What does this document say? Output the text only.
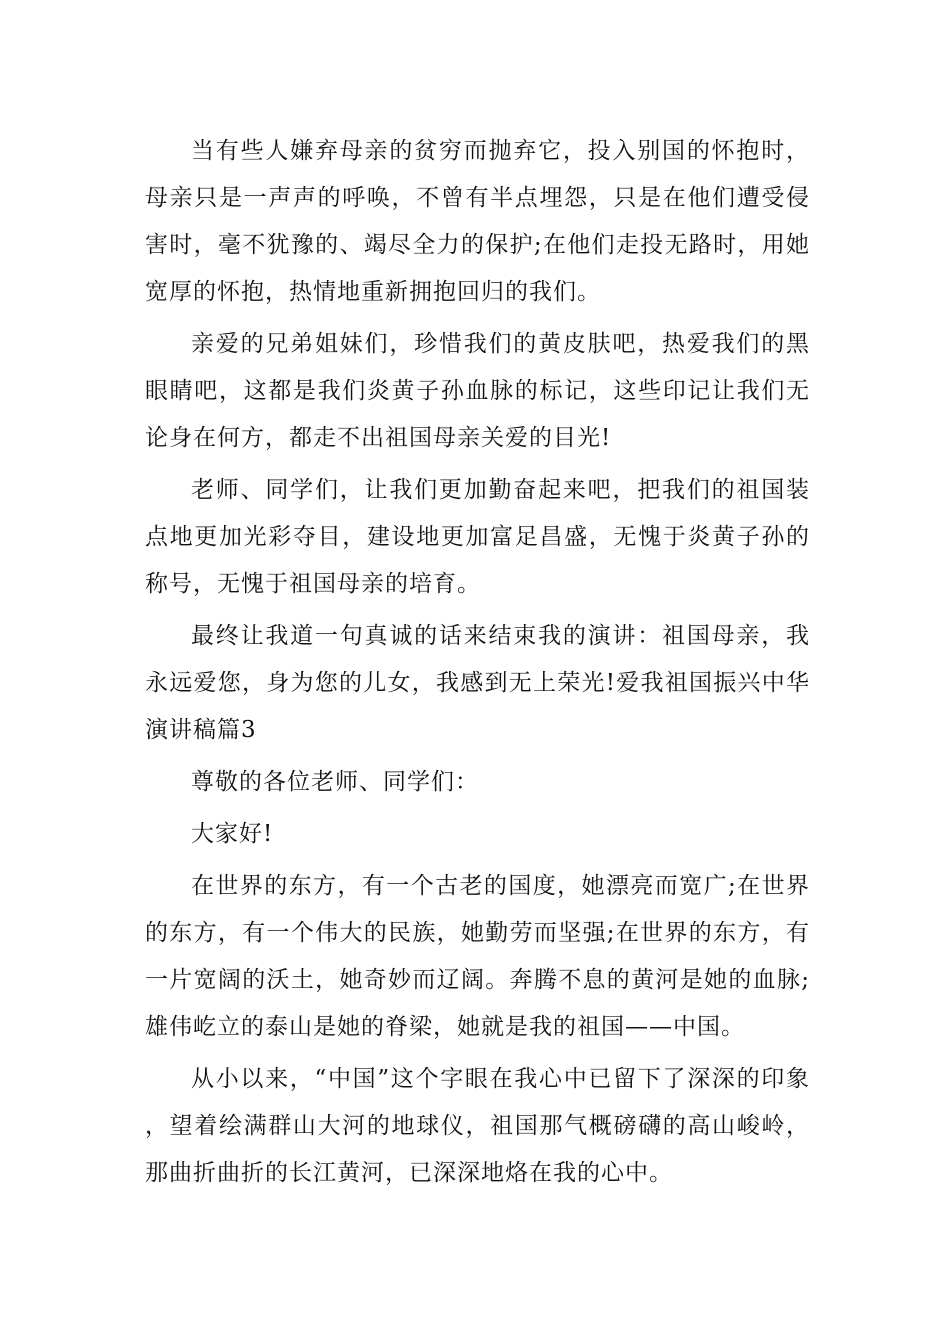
当有些人嫌弃母亲的贫穷而抛弃它，投入别国的怀抱时，母亲只是一声声的呼唤，不曾有半点埋怨，只是在他们遭受侵害时，毫不犹豫的、竭尽全力的保护;在他们走投无路时，用她宽厚的怀抱，热情地重新拥抱回归的我们。

亲爱的兄弟姐妹们，珍惜我们的黄皮肤吧，热爱我们的黑眼睛吧，这都是我们炎黄子孙血脉的标记，这些印记让我们无论身在何方，都走不出祖国母亲关爱的目光!

老师、同学们，让我们更加勤奋起来吧，把我们的祖国装点地更加光彩夺目，建设地更加富足昌盛，无愧于炎黄子孙的称号，无愧于祖国母亲的培育。

最终让我道一句真诚的话来结束我的演讲：祖国母亲，我永远爱您，身为您的儿女，我感到无上荣光!爱我祖国振兴中华演讲稿篇3

尊敬的各位老师、同学们：

大家好!

在世界的东方，有一个古老的国度，她漂亮而宽广;在世界的东方，有一个伟大的民族，她勤劳而坚强;在世界的东方，有一片宽阔的沃土，她奇妙而辽阔。奔腾不息的黄河是她的血脉;雄伟屹立的泰山是她的脊梁，她就是我的祖国——中国。

从小以来，“中国”这个字眼在我心中已留下了深深的印象，望着绘满群山大河的地球仪，祖国那气概磅礴的高山峻岭，那曲折曲折的长江黄河，已深深地烙在我的心中。
